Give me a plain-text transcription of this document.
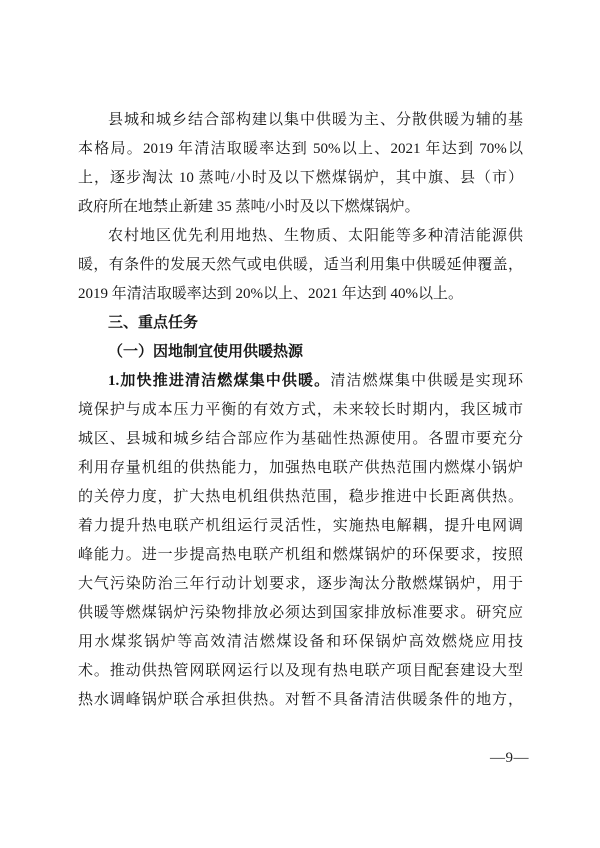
县城和城乡结合部构建以集中供暖为主、分散供暖为辅的基
本格局。2019 年清洁取暖率达到 50%以上、2021 年达到 70%以
上，逐步淘汰 10 蒸吨/小时及以下燃煤锅炉，其中旗、县（市）
政府所在地禁止新建 35 蒸吨/小时及以下燃煤锅炉。
农村地区优先利用地热、生物质、太阳能等多种清洁能源供
暖，有条件的发展天然气或电供暖，适当利用集中供暖延伸覆盖，
2019 年清洁取暖率达到 20%以上、2021 年达到 40%以上。
三、重点任务
（一）因地制宜使用供暖热源
1.加快推进清洁燃煤集中供暖。清洁燃煤集中供暖是实现环
境保护与成本压力平衡的有效方式，未来较长时期内，我区城市
城区、县城和城乡结合部应作为基础性热源使用。各盟市要充分
利用存量机组的供热能力，加强热电联产供热范围内燃煤小锅炉
的关停力度，扩大热电机组供热范围，稳步推进中长距离供热。
着力提升热电联产机组运行灵活性，实施热电解耦，提升电网调
峰能力。进一步提高热电联产机组和燃煤锅炉的环保要求，按照
大气污染防治三年行动计划要求，逐步淘汰分散燃煤锅炉，用于
供暖等燃煤锅炉污染物排放必须达到国家排放标准要求。研究应
用水煤浆锅炉等高效清洁燃煤设备和环保锅炉高效燃烧应用技
术。推动供热管网联网运行以及现有热电联产项目配套建设大型
热水调峰锅炉联合承担供热。对暂不具备清洁供暖条件的地方，
—9—
